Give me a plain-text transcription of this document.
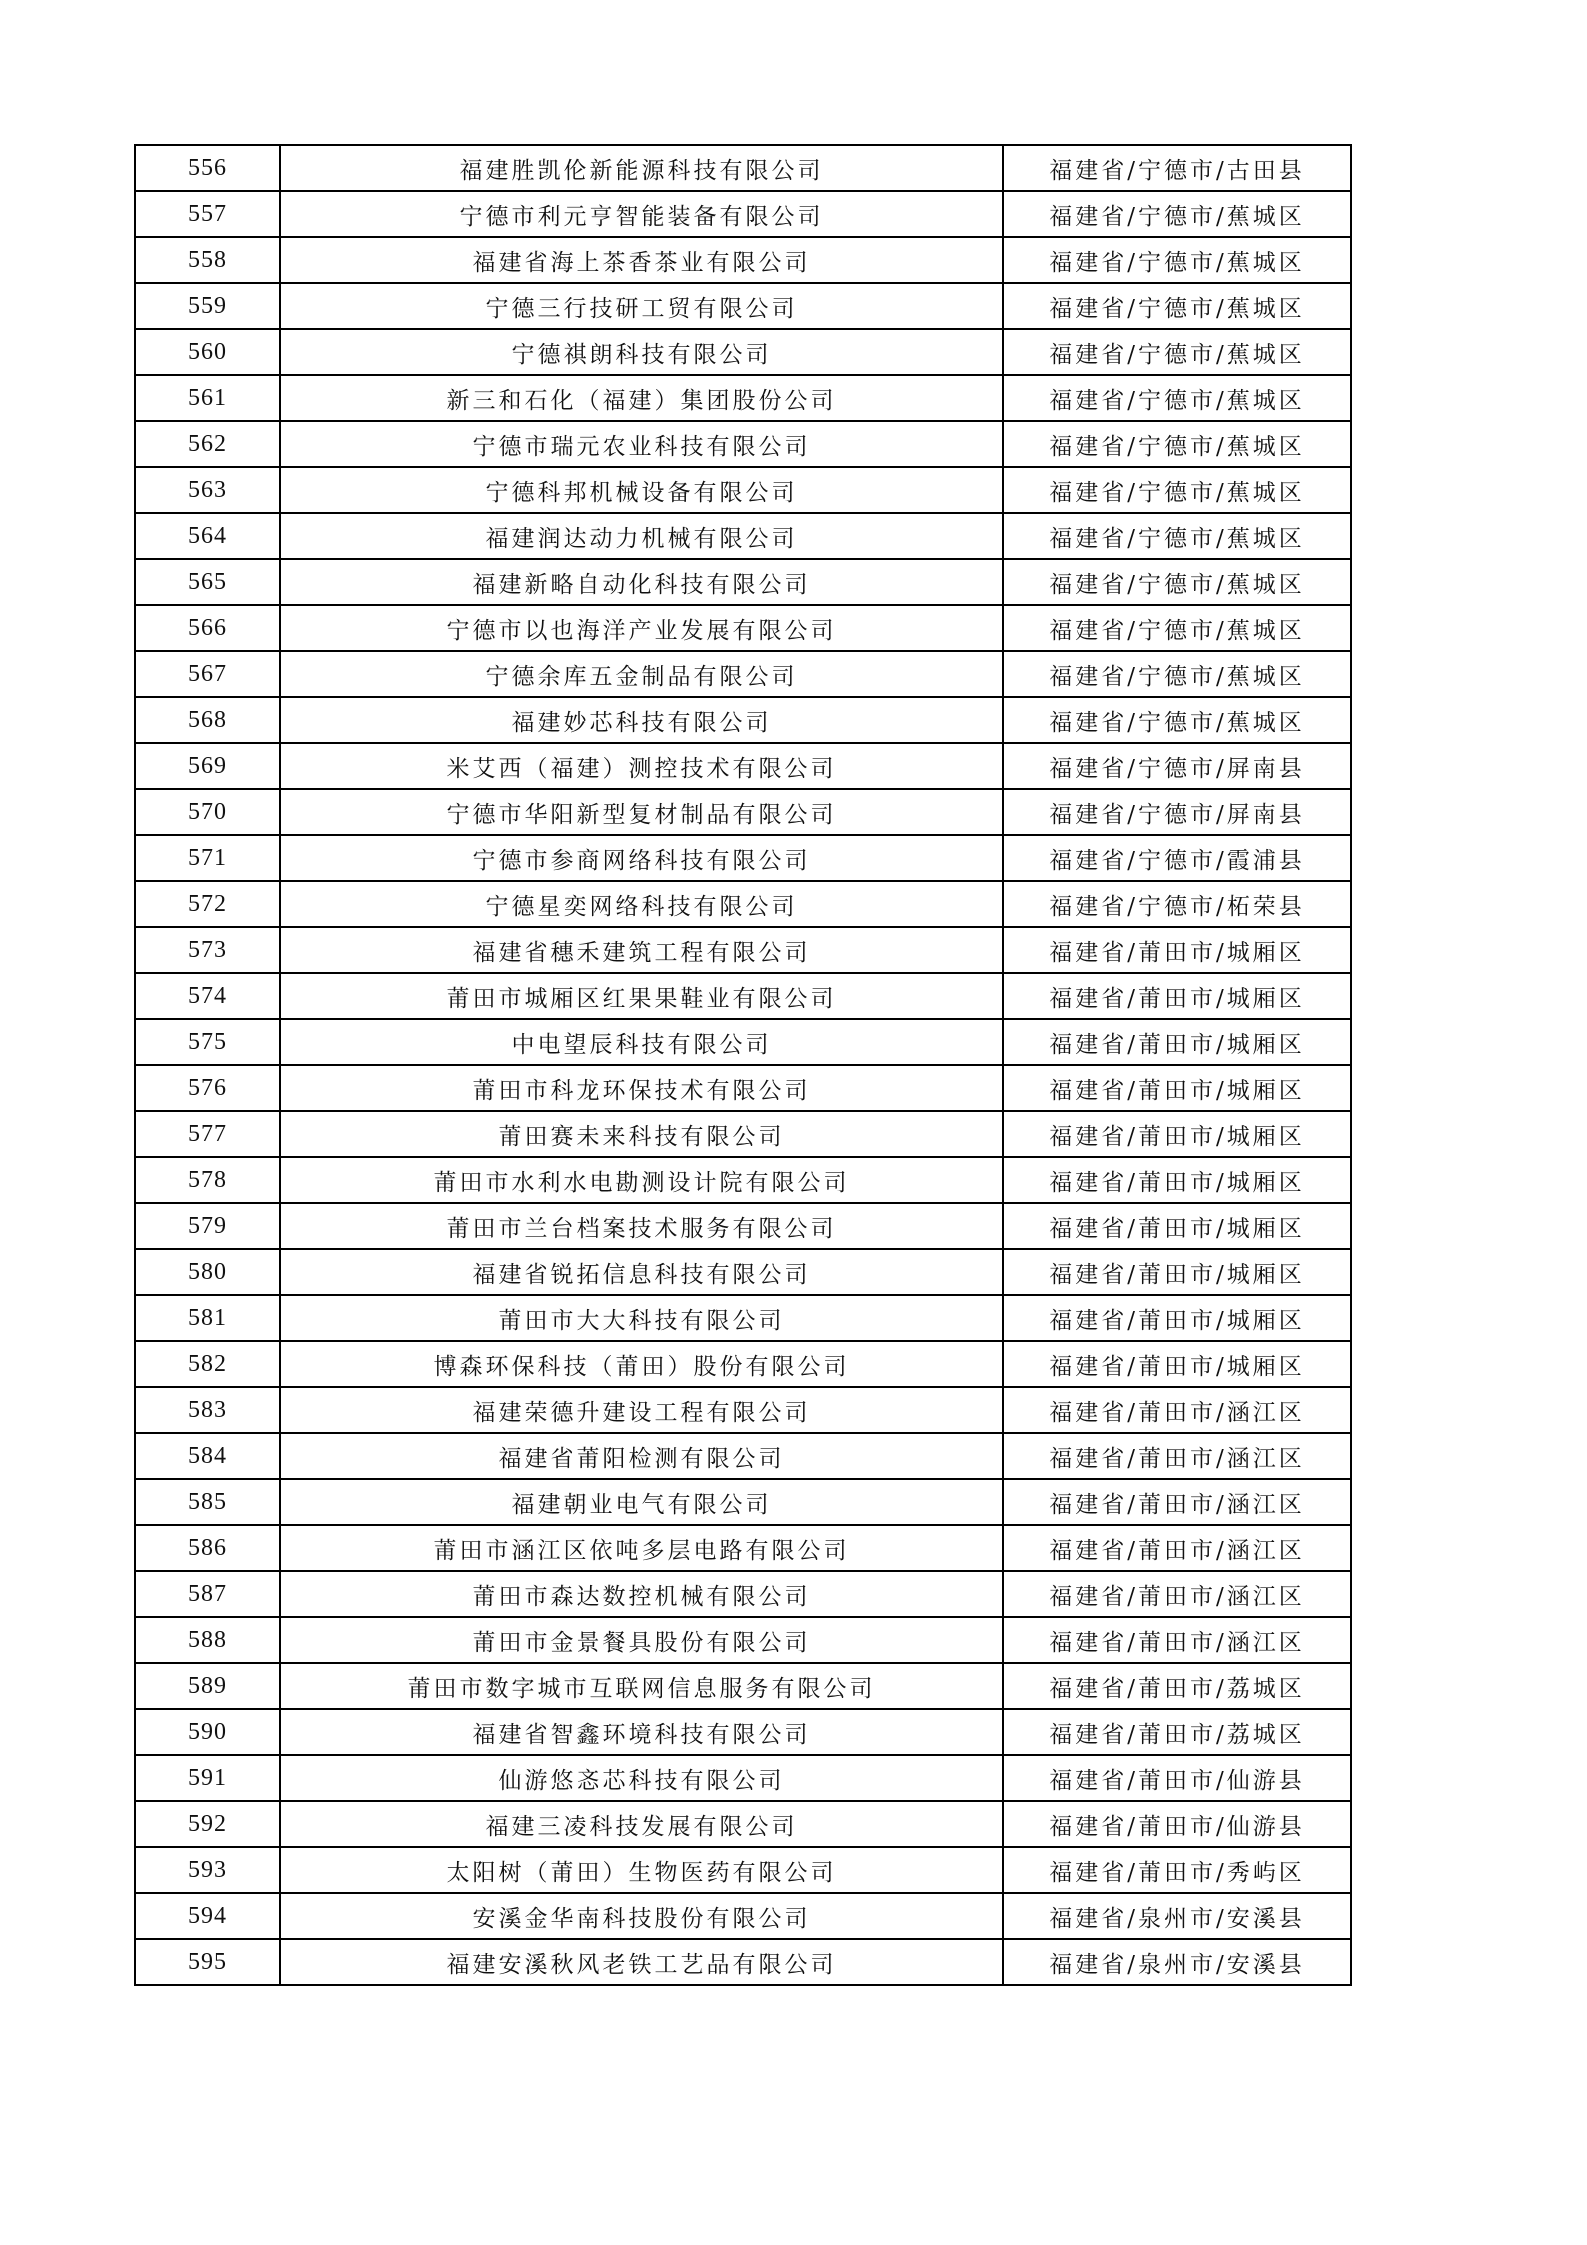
556	福建胜凯伦新能源科技有限公司	福建省/宁德市/古田县
557	宁德市利元亨智能装备有限公司	福建省/宁德市/蕉城区
558	福建省海上茶香茶业有限公司	福建省/宁德市/蕉城区
559	宁德三行技研工贸有限公司	福建省/宁德市/蕉城区
560	宁德祺朗科技有限公司	福建省/宁德市/蕉城区
561	新三和石化（福建）集团股份公司	福建省/宁德市/蕉城区
562	宁德市瑞元农业科技有限公司	福建省/宁德市/蕉城区
563	宁德科邦机械设备有限公司	福建省/宁德市/蕉城区
564	福建润达动力机械有限公司	福建省/宁德市/蕉城区
565	福建新略自动化科技有限公司	福建省/宁德市/蕉城区
566	宁德市以也海洋产业发展有限公司	福建省/宁德市/蕉城区
567	宁德余库五金制品有限公司	福建省/宁德市/蕉城区
568	福建妙芯科技有限公司	福建省/宁德市/蕉城区
569	米艾西（福建）测控技术有限公司	福建省/宁德市/屏南县
570	宁德市华阳新型复材制品有限公司	福建省/宁德市/屏南县
571	宁德市参商网络科技有限公司	福建省/宁德市/霞浦县
572	宁德星奕网络科技有限公司	福建省/宁德市/柘荣县
573	福建省穗禾建筑工程有限公司	福建省/莆田市/城厢区
574	莆田市城厢区红果果鞋业有限公司	福建省/莆田市/城厢区
575	中电望辰科技有限公司	福建省/莆田市/城厢区
576	莆田市科龙环保技术有限公司	福建省/莆田市/城厢区
577	莆田赛未来科技有限公司	福建省/莆田市/城厢区
578	莆田市水利水电勘测设计院有限公司	福建省/莆田市/城厢区
579	莆田市兰台档案技术服务有限公司	福建省/莆田市/城厢区
580	福建省锐拓信息科技有限公司	福建省/莆田市/城厢区
581	莆田市大大科技有限公司	福建省/莆田市/城厢区
582	博森环保科技（莆田）股份有限公司	福建省/莆田市/城厢区
583	福建荣德升建设工程有限公司	福建省/莆田市/涵江区
584	福建省莆阳检测有限公司	福建省/莆田市/涵江区
585	福建朝业电气有限公司	福建省/莆田市/涵江区
586	莆田市涵江区依吨多层电路有限公司	福建省/莆田市/涵江区
587	莆田市森达数控机械有限公司	福建省/莆田市/涵江区
588	莆田市金景餐具股份有限公司	福建省/莆田市/涵江区
589	莆田市数字城市互联网信息服务有限公司	福建省/莆田市/荔城区
590	福建省智鑫环境科技有限公司	福建省/莆田市/荔城区
591	仙游悠忞芯科技有限公司	福建省/莆田市/仙游县
592	福建三凌科技发展有限公司	福建省/莆田市/仙游县
593	太阳树（莆田）生物医药有限公司	福建省/莆田市/秀屿区
594	安溪金华南科技股份有限公司	福建省/泉州市/安溪县
595	福建安溪秋风老铁工艺品有限公司	福建省/泉州市/安溪县
